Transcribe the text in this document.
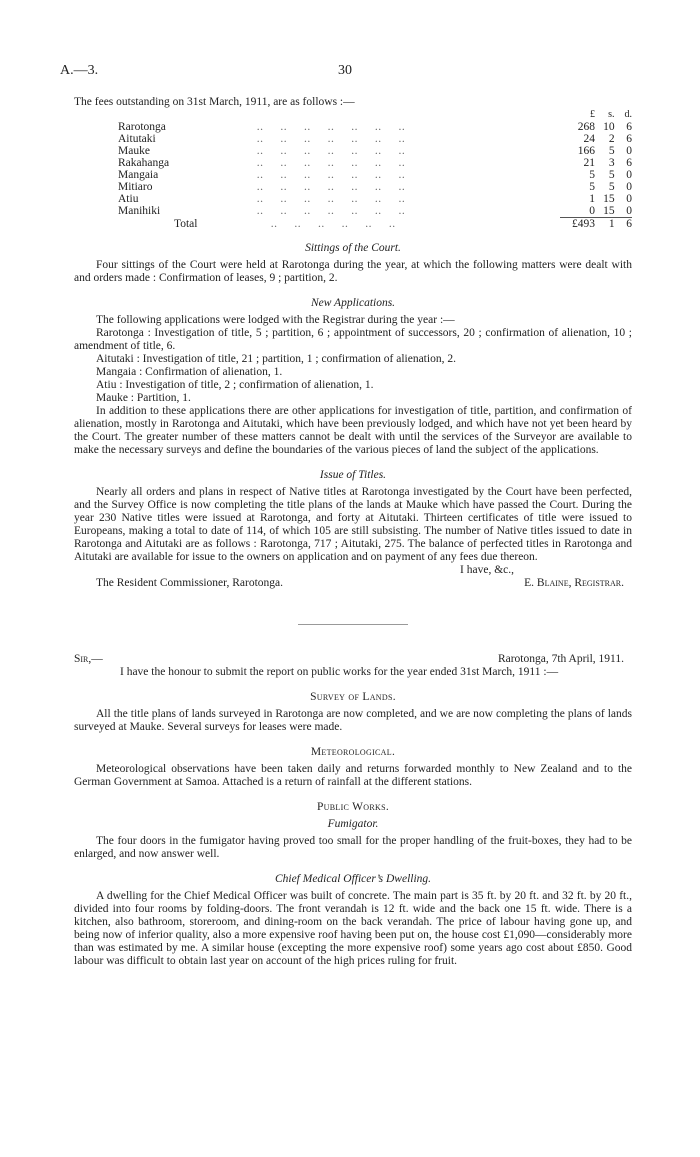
A.—3.	30

The fees outstanding on 31st March, 1911, are as follows :—

		£	s.	d.
Rarotonga	..     ..     ..     ..     ..     ..     ..	268	10	6
Aitutaki	..     ..     ..     ..     ..     ..     ..	24	2	6
Mauke	..     ..     ..     ..     ..     ..     ..	166	5	0
Rakahanga	..     ..     ..     ..     ..     ..     ..	21	3	6
Mangaia	..     ..     ..     ..     ..     ..     ..	5	5	0
Mitiaro	..     ..     ..     ..     ..     ..     ..	5	5	0
Atiu	..     ..     ..     ..     ..     ..     ..	1	15	0
Manihiki	..     ..     ..     ..     ..     ..     ..	0	15	0
Total	..     ..     ..     ..     ..     ..	£493	1	6
Sittings of the Court.

Four sittings of the Court were held at Rarotonga during the year, at which the following matters were dealt with and orders made : Confirmation of leases, 9 ; partition, 2.

New Applications.

The following applications were lodged with the Registrar during the year :—

Rarotonga : Investigation of title, 5 ; partition, 6 ; appointment of successors, 20 ; confirmation of alienation, 10 ; amendment of title, 6.

Aitutaki : Investigation of title, 21 ; partition, 1 ; confirmation of alienation, 2.

Mangaia : Confirmation of alienation, 1.

Atiu : Investigation of title, 2 ; confirmation of alienation, 1.

Mauke : Partition, 1.

In addition to these applications there are other applications for investigation of title, partition, and confirmation of alienation, mostly in Rarotonga and Aitutaki, which have been previously lodged, and which have not yet been heard by the Court. The greater number of these matters cannot be dealt with until the services of the Surveyor are available to make the necessary surveys and define the boundaries of the various pieces of land the subject of the applications.

Issue of Titles.

Nearly all orders and plans in respect of Native titles at Rarotonga investigated by the Court have been perfected, and the Survey Office is now completing the title plans of the lands at Mauke which have passed the Court. During the year 230 Native titles were issued at Rarotonga, and forty at Aitutaki. Thirteen certificates of title were issued to Europeans, making a total to date of 114, of which 105 are still subsisting. The number of Native titles issued to date in Rarotonga and Aitutaki are as follows : Rarotonga, 717 ; Aitutaki, 275. The balance of perfected titles in Rarotonga and Aitutaki are available for issue to the owners on application and on payment of any fees due thereon.

I have, &c.,

The Resident Commissioner, Rarotonga.	E. Blaine, Registrar.
Sir,—	Rarotonga, 7th April, 1911.

I have the honour to submit the report on public works for the year ended 31st March, 1911 :—

Survey of Lands.

All the title plans of lands surveyed in Rarotonga are now completed, and we are now completing the plans of lands surveyed at Mauke. Several surveys for leases were made.

Meteorological.

Meteorological observations have been taken daily and returns forwarded monthly to New Zealand and to the German Government at Samoa. Attached is a return of rainfall at the different stations.

Public Works.
Fumigator.

The four doors in the fumigator having proved too small for the proper handling of the fruit-boxes, they had to be enlarged, and now answer well.

Chief Medical Officer’s Dwelling.

A dwelling for the Chief Medical Officer was built of concrete. The main part is 35 ft. by 20 ft. and 32 ft. by 20 ft., divided into four rooms by folding-doors. The front verandah is 12 ft. wide and the back one 15 ft. wide. There is a kitchen, also bathroom, storeroom, and dining-room on the back verandah. The price of labour having gone up, and being now of inferior quality, also a more expensive roof having been put on, the house cost £1,090—considerably more than was estimated by me. A similar house (excepting the more expensive roof) some years ago cost about £850. Good labour was difficult to obtain last year on account of the high prices ruling for fruit.
